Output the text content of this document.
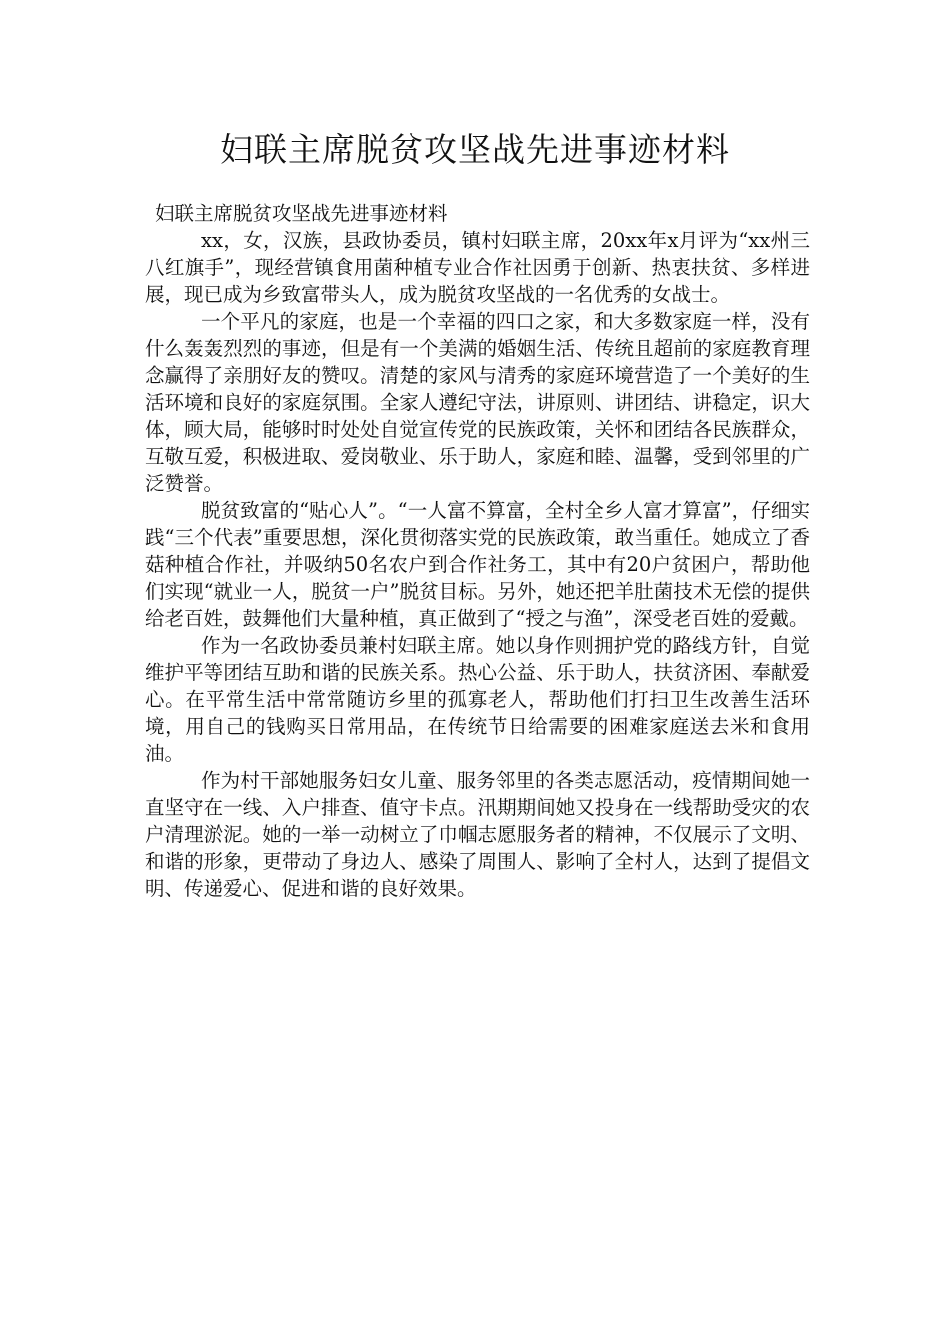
妇联主席脱贫攻坚战先进事迹材料

妇联主席脱贫攻坚战先进事迹材料

xx，女，汉族，县政协委员，镇村妇联主席，20xx年x月评为“xx州三八红旗手”，现经营镇食用菌种植专业合作社因勇于创新、热衷扶贫、多样进展，现已成为乡致富带头人，成为脱贫攻坚战的一名优秀的女战士。

一个平凡的家庭，也是一个幸福的四口之家，和大多数家庭一样，没有什么轰轰烈烈的事迹，但是有一个美满的婚姻生活、传统且超前的家庭教育理念赢得了亲朋好友的赞叹。清楚的家风与清秀的家庭环境营造了一个美好的生活环境和良好的家庭氛围。全家人遵纪守法，讲原则、讲团结、讲稳定，识大体，顾大局，能够时时处处自觉宣传党的民族政策，关怀和团结各民族群众，互敬互爱，积极进取、爱岗敬业、乐于助人，家庭和睦、温馨，受到邻里的广泛赞誉。

脱贫致富的“贴心人”。“一人富不算富，全村全乡人富才算富”，仔细实践“三个代表”重要思想，深化贯彻落实党的民族政策，敢当重任。她成立了香菇种植合作社，并吸纳50名农户到合作社务工，其中有20户贫困户，帮助他们实现“就业一人，脱贫一户”脱贫目标。另外，她还把羊肚菌技术无偿的提供给老百姓，鼓舞他们大量种植，真正做到了“授之与渔”，深受老百姓的爱戴。

作为一名政协委员兼村妇联主席。她以身作则拥护党的路线方针，自觉维护平等团结互助和谐的民族关系。热心公益、乐于助人，扶贫济困、奉献爱心。在平常生活中常常随访乡里的孤寡老人，帮助他们打扫卫生改善生活环境，用自己的钱购买日常用品，在传统节日给需要的困难家庭送去米和食用油。

作为村干部她服务妇女儿童、服务邻里的各类志愿活动，疫情期间她一直坚守在一线、入户排查、值守卡点。汛期期间她又投身在一线帮助受灾的农户清理淤泥。她的一举一动树立了巾帼志愿服务者的精神，不仅展示了文明、和谐的形象，更带动了身边人、感染了周围人、影响了全村人，达到了提倡文明、传递爱心、促进和谐的良好效果。
